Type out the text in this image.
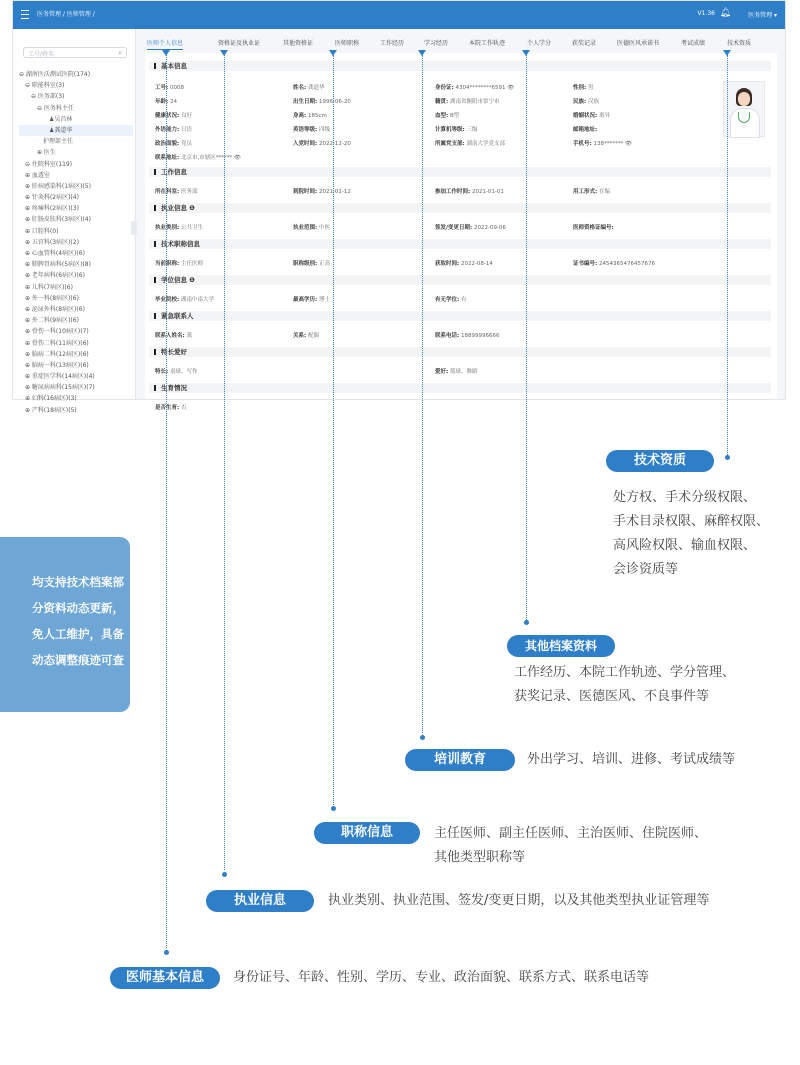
医务管理 / 医师管理 /	V1.36 🔔︎	医务管理 ▾
工号/姓名	⌕
⊖ 湖南医沃测试医院(174)
　⊖ 职能科室(3)
　　⊖ 医务部(3)
　　　⊖ 医务科主任
　　　　　♟吴昌林
　　　　　♟龚道华
　　　　护理部主任
　　　⊕ 医生
　⊖ 住院科室(119)
　⊕ 血透室
　⊕ 肝病感染科(1病区)(5)
　⊕ 针灸科(2病区)(4)
　⊕ 疼痛科(2病区)(3)
　⊕ 肛肠皮肤科(3病区)(4)
　⊕ 口腔科(0)
　⊕ 五官科(3病区)(2)
　⊕ 心血管科(4病区)(6)
　⊕ 肺脾胃病科(5病区)(8)
　⊕ 老年病科(6病区)(6)
　⊕ 儿科(7病区)(6)
　⊕ 外一科(8病区)(6)
　⊕ 泌尿外科(8病区)(6)
　⊕ 外二科(9病区)(6)
　⊕ 骨伤一科(10病区)(7)
　⊕ 骨伤二科(11病区)(6)
　⊕ 脑病二科(12病区)(6)
　⊕ 脑病一科(13病区)(6)
　⊕ 重症医学科(14病区)(4)
　⊕ 糖尿病病科(15病区)(7)
　⊕ 妇科(16病区)(3)
　⊕ 产科(18病区)(5)
医师个人信息	资格证及执业证	其他资格证	医师职称	工作经历	学习经历	本院工作轨迹	个人学分	获奖记录	医德医风承诺书	考试成绩	技术资质
基本信息
工号: 0008	姓名: 龚道华	身份证: 4304********6591 👁	性别: 男
年龄: 24	出生日期: 1996-06-20	籍贯: 湖南省衡阳市常宁市	民族: 汉族
健康状况: 良好	身高: 185cm	血型: B型	婚姻状况: 离异
外语能力: 日语	英语等级: 四级	计算机等级: 三级	邮箱地址:
政治面貌: 党员	入党时间: 2022-12-20	所属党支部: 湖南大学党支部	手机号: 138******* 👁
联系地址: 北京市,市辖区****** 👁
工作信息
所在科室: 医务部	到院时间: 2021-01-12	参加工作时间: 2021-01-01	用工形式: 在编
执业信息 ❶
执业类别: 公共卫生	执业范围: 中医	签发/变更日期: 2022-09-06	医师资格证编号:
技术职称信息
当前职称: 主任医师	职称级别: 正高	获取时间: 2022-08-14	证书编号: 2454365476457676
学位信息 ❶
毕业院校: 湖南中南大学	最高学历: 博士	有无学位: 有
紧急联系人
联系人姓名: 龚	关系: 配偶	联系电话: 18899996666
特长爱好
特长: 桌球、写作	爱好: 篮球、舞蹈
生育情况
是否生育: 否
技术资质
处方权、手术分级权限、
手术目录权限、麻醉权限、
高风险权限、输血权限、
会诊资质等
其他档案资料
工作经历、本院工作轨迹、学分管理、
获奖记录、医德医风、不良事件等
培训教育	外出学习、培训、进修、考试成绩等
职称信息	主任医师、副主任医师、主治医师、住院医师、
其他类型职称等
执业信息	执业类别、执业范围、签发/变更日期，以及其他类型执业证管理等
医师基本信息	身份证号、年龄、性别、学历、专业、政治面貌、联系方式、联系电话等
均支持技术档案部
分资料动态更新，
免人工维护，具备
动态调整痕迹可查
